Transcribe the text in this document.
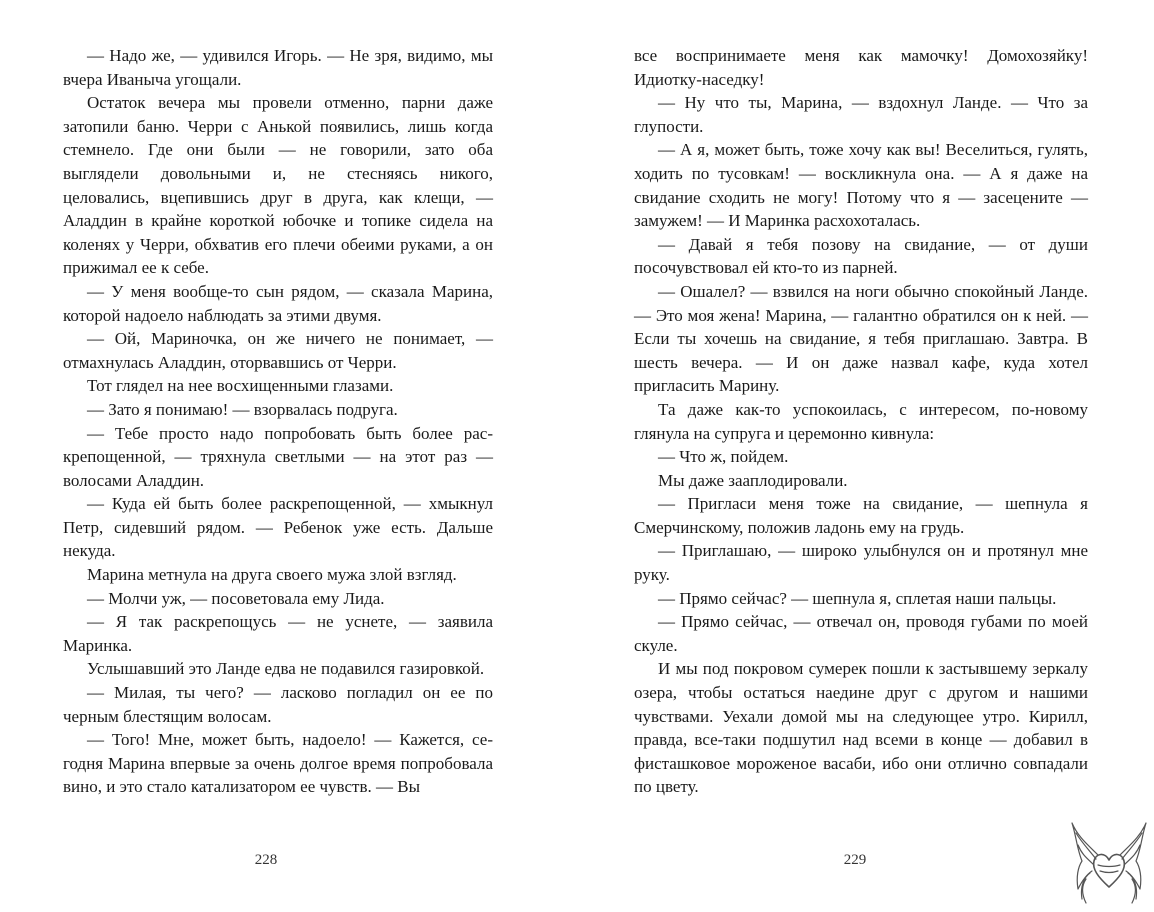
— Надо же, — удивился Игорь. — Не зря, видимо, мы вчера Иваныча угощали.

Остаток вечера мы провели отменно, парни даже затопили баню. Черри с Анькой появились, лишь когда стемнело. Где они были — не говорили, зато оба выглядели довольными и, не стесняясь никого, целовались, вцепившись друг в друга, как клещи, — Аладдин в крайне короткой юбочке и топике сидела на коленях у Черри, обхватив его плечи обеими руками, а он прижимал ее к себе.

— У меня вообще-то сын рядом, — сказала Марина, которой надоело наблюдать за этими двумя.

— Ой, Мариночка, он же ничего не понимает, — отмахнулась Аладдин, оторвавшись от Черри.

Тот глядел на нее восхищенными глазами.

— Зато я понимаю! — взорвалась подруга.

— Тебе просто надо попробовать быть более раскрепощенной, — тряхнула светлыми — на этот раз — волосами Аладдин.

— Куда ей быть более раскрепощенной, — хмыкнул Петр, сидевший рядом. — Ребенок уже есть. Дальше некуда.

Марина метнула на друга своего мужа злой взгляд.

— Молчи уж, — посоветовала ему Лида.

— Я так раскрепощусь — не уснете, — заявила Маринка.

Услышавший это Ланде едва не подавился газировкой.

— Милая, ты чего? — ласково погладил он ее по черным блестящим волосам.

— Того! Мне, может быть, надоело! — Кажется, сегодня Марина впервые за очень долгое время попробовала вино, и это стало катализатором ее чувств. — Вы

228

все воспринимаете меня как мамочку! Домохозяйку! Идиотку-наседку!

— Ну что ты, Марина, — вздохнул Ланде. — Что за глупости.

— А я, может быть, тоже хочу как вы! Веселиться, гулять, ходить по тусовкам! — воскликнула она. — А я даже на свидание сходить не могу! Потому что я — засецените — замужем! — И Маринка расхохоталась.

— Давай я тебя позову на свидание, — от души посочувствовал ей кто-то из парней.

— Ошалел? — взвился на ноги обычно спокойный Ланде. — Это моя жена! Марина, — галантно обратился он к ней. — Если ты хочешь на свидание, я тебя приглашаю. Завтра. В шесть вечера. — И он даже назвал кафе, куда хотел пригласить Марину.

Та даже как-то успокоилась, с интересом, по-новому глянула на супруга и церемонно кивнула:

— Что ж, пойдем.

Мы даже зааплодировали.

— Пригласи меня тоже на свидание, — шепнула я Смерчинскому, положив ладонь ему на грудь.

— Приглашаю, — широко улыбнулся он и протянул мне руку.

— Прямо сейчас? — шепнула я, сплетая наши пальцы.

— Прямо сейчас, — отвечал он, проводя губами по моей скуле.

И мы под покровом сумерек пошли к застывшему зеркалу озера, чтобы остаться наедине друг с другом и нашими чувствами. Уехали домой мы на следующее утро. Кирилл, правда, все-таки подшутил над всеми в конце — добавил в фисташковое мороженое васаби, ибо они отлично совпадали по цвету.

229
